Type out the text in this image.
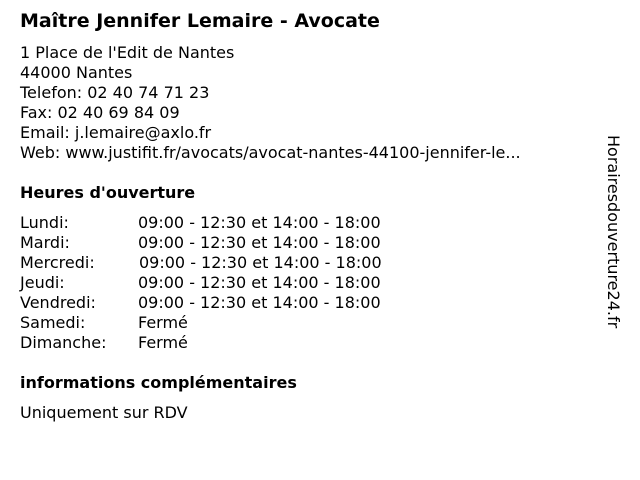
Maître Jennifer Lemaire - Avocate
1 Place de l'Edit de Nantes
44000 Nantes
Telefon: 02 40 74 71 23
Fax: 02 40 69 84 09
Email: j.lemaire@axlo.fr
Web: www.justifit.fr/avocats/avocat-nantes-44100-jennifer-le...
Heures d'ouverture
Lundi:	09:00 - 12:30 et 14:00 - 18:00
Mardi:	09:00 - 12:30 et 14:00 - 18:00
Mercredi:	09:00 - 12:30 et 14:00 - 18:00
Jeudi:	09:00 - 12:30 et 14:00 - 18:00
Vendredi:	09:00 - 12:30 et 14:00 - 18:00
Samedi:	Fermé
Dimanche: Fermé
informations complémentaires
Uniquement sur RDV
Horairesdouverture24.fr
